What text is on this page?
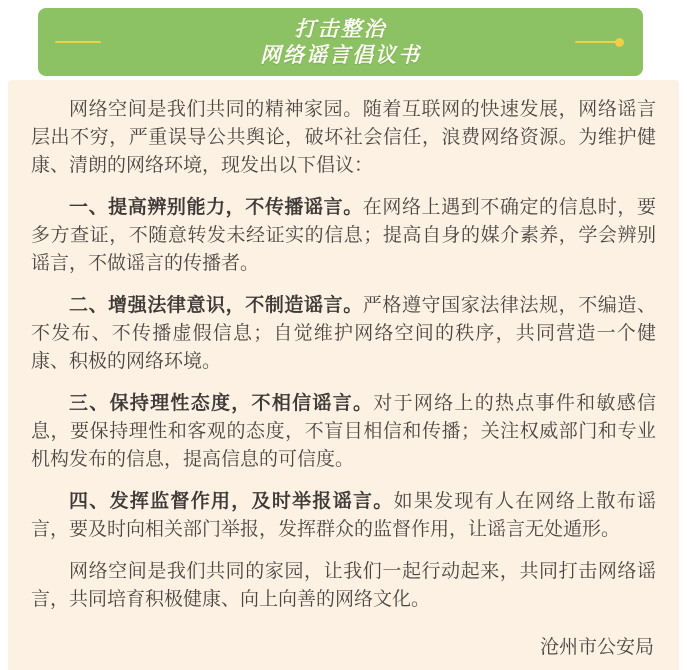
打击整治
网络谣言倡议书

网络空间是我们共同的精神家园。随着互联网的快速发展，网络谣言层出不穷，严重误导公共舆论，破坏社会信任，浪费网络资源。为维护健康、清朗的网络环境，现发出以下倡议：

一、提高辨别能力，不传播谣言。在网络上遇到不确定的信息时，要多方查证，不随意转发未经证实的信息；提高自身的媒介素养，学会辨别谣言，不做谣言的传播者。

二、增强法律意识，不制造谣言。严格遵守国家法律法规，不编造、不发布、不传播虚假信息；自觉维护网络空间的秩序，共同营造一个健康、积极的网络环境。

三、保持理性态度，不相信谣言。对于网络上的热点事件和敏感信息，要保持理性和客观的态度，不盲目相信和传播；关注权威部门和专业机构发布的信息，提高信息的可信度。

四、发挥监督作用，及时举报谣言。如果发现有人在网络上散布谣言，要及时向相关部门举报，发挥群众的监督作用，让谣言无处遁形。

网络空间是我们共同的家园，让我们一起行动起来，共同打击网络谣言，共同培育积极健康、向上向善的网络文化。

沧州市公安局
